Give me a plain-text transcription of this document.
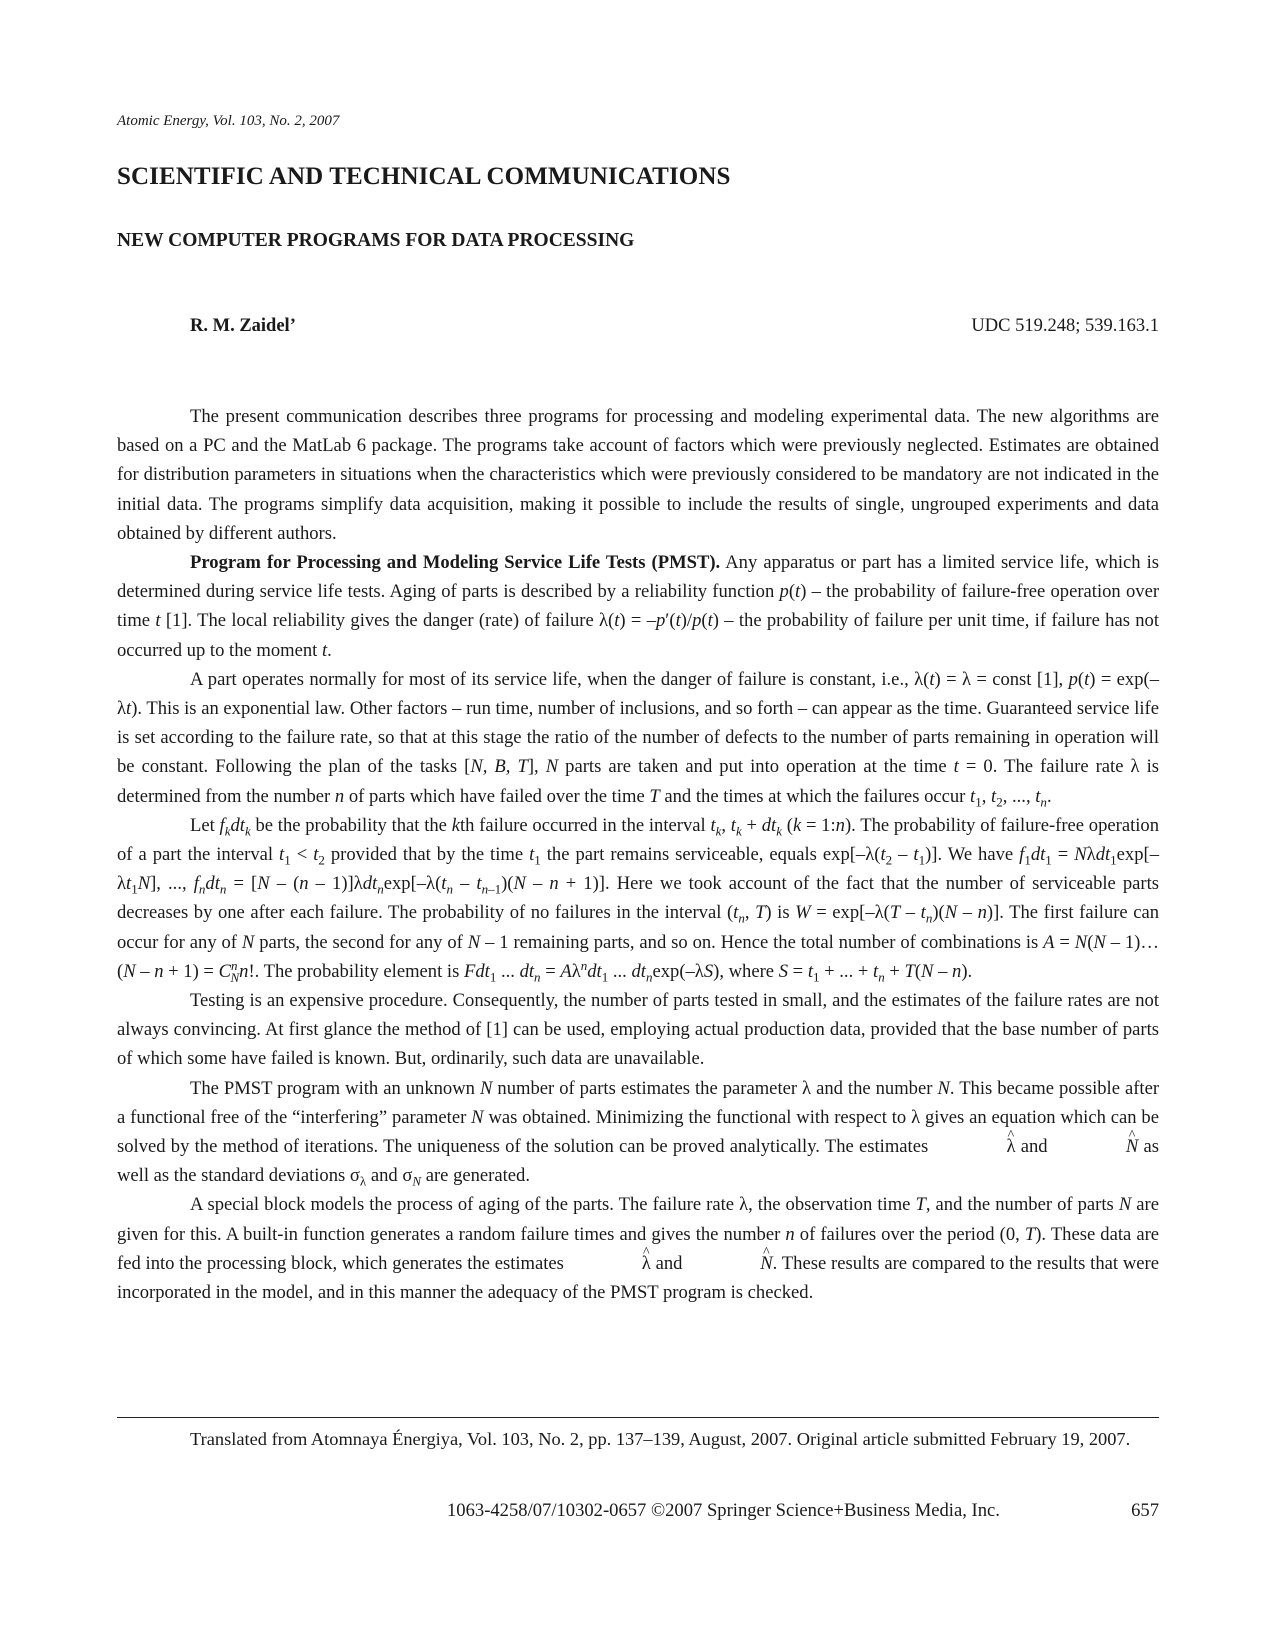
Atomic Energy, Vol. 103, No. 2, 2007
SCIENTIFIC AND TECHNICAL COMMUNICATIONS
NEW COMPUTER PROGRAMS FOR DATA PROCESSING
R. M. Zaidel’	UDC 519.248; 539.163.1

The present communication describes three programs for processing and modeling experimental data. The new algorithms are based on a PC and the MatLab 6 package. The programs take account of factors which were previously neglected. Estimates are obtained for distribution parameters in situations when the characteristics which were previously considered to be mandatory are not indicated in the initial data. The programs simplify data acquisition, making it possible to include the results of single, ungrouped experiments and data obtained by different authors.

Program for Processing and Modeling Service Life Tests (PMST). Any apparatus or part has a limited service life, which is determined during service life tests. Aging of parts is described by a reliability function p(t) – the probability of failure-free operation over time t [1]. The local reliability gives the danger (rate) of failure λ(t) = –p′(t)/p(t) – the probability of failure per unit time, if failure has not occurred up to the moment t.

A part operates normally for most of its service life, when the danger of failure is constant, i.e., λ(t) = λ = const [1], p(t) = exp(–λt). This is an exponential law. Other factors – run time, number of inclusions, and so forth – can appear as the time. Guaranteed service life is set according to the failure rate, so that at this stage the ratio of the number of defects to the number of parts remaining in operation will be constant. Following the plan of the tasks [N, B, T], N parts are taken and put into operation at the time t = 0. The failure rate λ is determined from the number n of parts which have failed over the time T and the times at which the failures occur $t_1$, $t_2$, ..., $t_n$.

Let $f_kdt_k$ be the probability that the kth failure occurred in the interval $t_k$, $t_k + dt_k$ (k = 1:n). The probability of failure-free operation of a part the interval $t_1 < t_2$ provided that by the time $t_1$ the part remains serviceable, equals $\exp[-\lambda(t_2 - t_1)]$. We have $f_1dt_1 = N\lambda dt_1\exp[-\lambda t_1N]$, ..., $f_ndt_n = [N - (n - 1)]\lambda dt_n\exp[-\lambda(t_n - t_{n-1})(N - n + 1)]$. Here we took account of the fact that the number of serviceable parts decreases by one after each failure. The probability of no failures in the interval ($t_n$, T) is $W = \exp[-\lambda(T - t_n)(N - n)]$. The first failure can occur for any of N parts, the second for any of N – 1 remaining parts, and so on. Hence the total number of combinations is A = N(N – 1)…(N – $n + 1) = C^n_Nn$!. The probability element is Fdt$_1$ ... $dt_n = A\lambda^ndt_1$ ... $dt_n\exp(-\lambda S)$, where $S = t_1$ + ... + $t_n + T(N - n)$.

Testing is an expensive procedure. Consequently, the number of parts tested in small, and the estimates of the failure rates are not always convincing. At first glance the method of [1] can be used, employing actual production data, provided that the base number of parts of which some have failed is known. But, ordinarily, such data are unavailable.

The PMST program with an unknown N number of parts estimates the parameter λ and the number N. This became possible after a functional free of the “interfering” parameter N was obtained. Minimizing the functional with respect to λ gives an equation which can be solved by the method of iterations. The uniqueness of the solution can be proved analytically. The estimates	^ λ and	^ N as well as the standard deviations $\sigma_\lambda$ and $\sigma_N$ are generated.

A special block models the process of aging of the parts. The failure rate λ, the observation time T, and the number of parts N are given for this. A built-in function generates a random failure times and gives the number n of failures over the period (0, T). These data are fed into the processing block, which generates the estimates	^ λ and	^ N. These results are compared to the results that were incorporated in the model, and in this manner the adequacy of the PMST program is checked.

Translated from Atomnaya Énergiya, Vol. 103, No. 2, pp. 137–139, August, 2007. Original article submitted February 19, 2007.
1063-4258/07/10302-0657 ©2007 Springer Science+Business Media, Inc.	657
